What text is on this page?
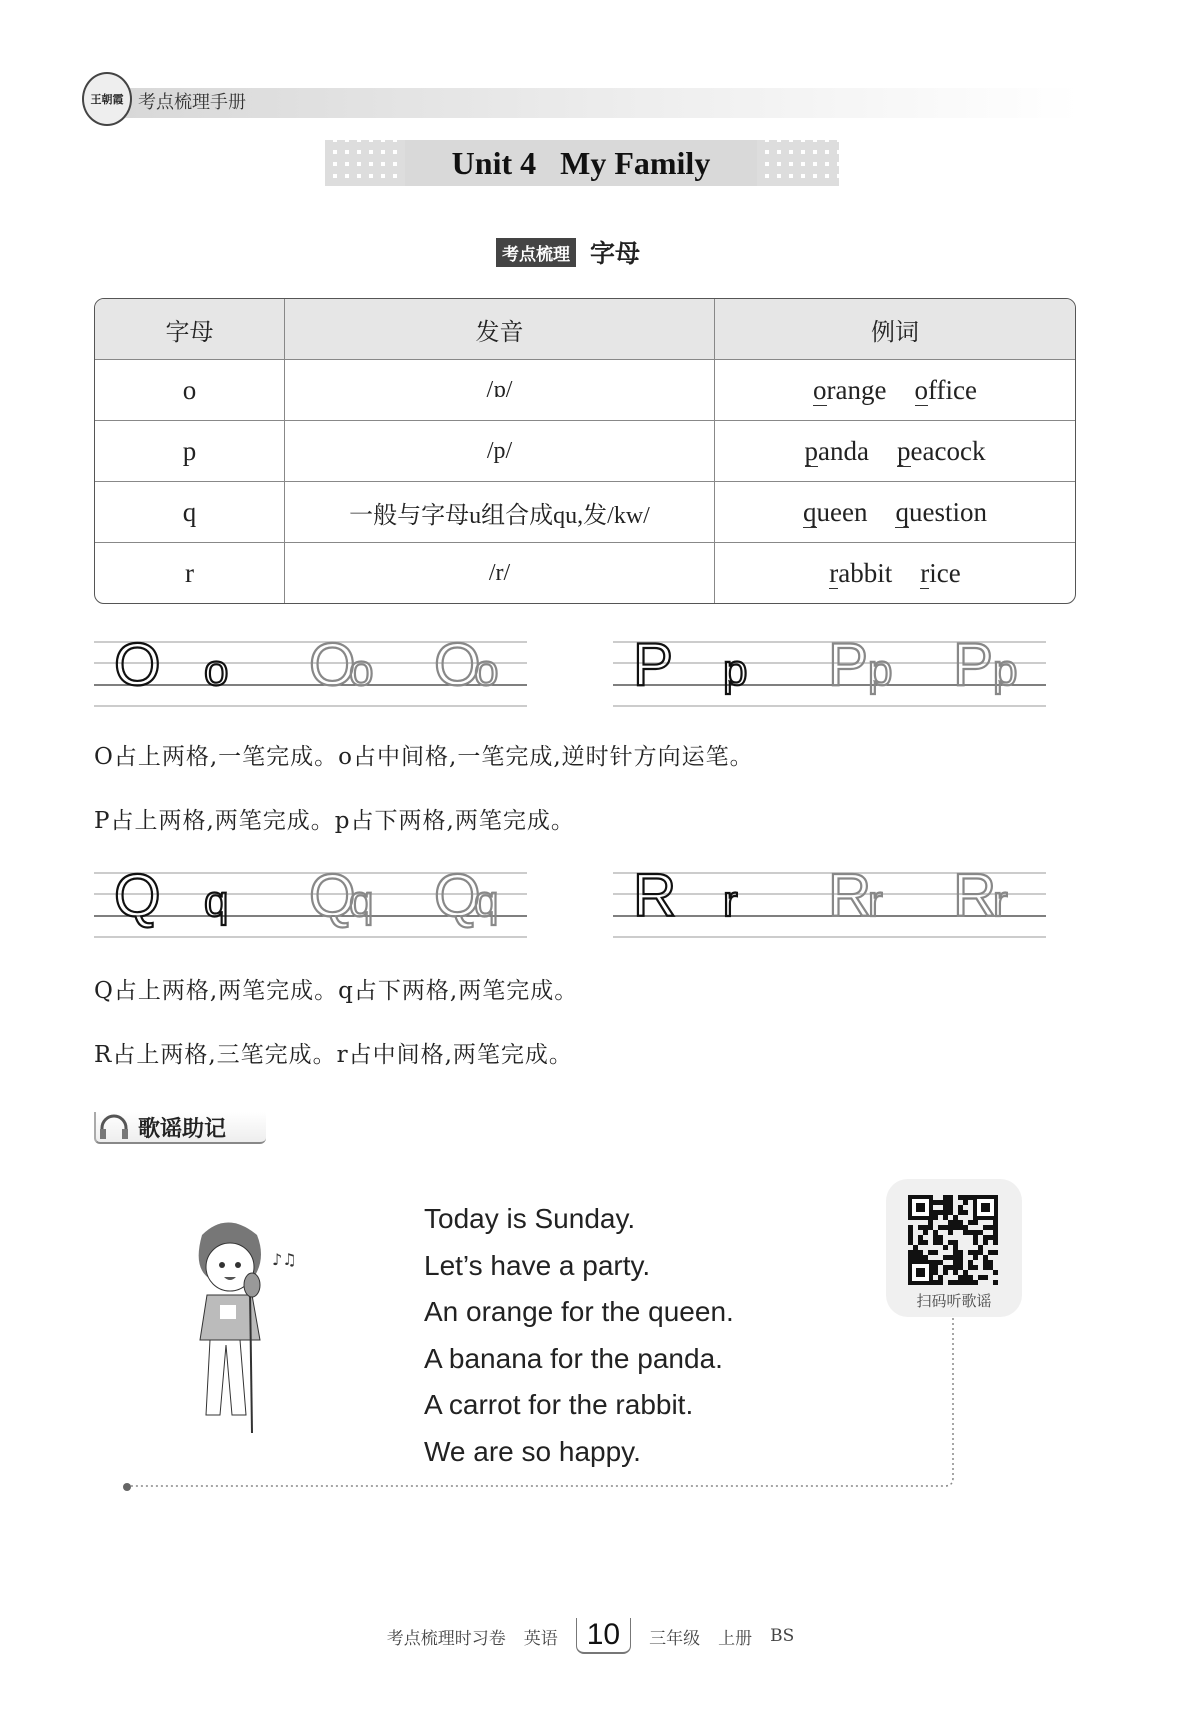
王朝霞 考点梳理手册
Unit 4   My Family
考点梳理 字母
字母	发音	例词
o	/ɒ/	orange office
p	/p/	panda peacock
q	一般与字母u组合成qu,发/kw/	queen question
r	/r/	rabbit rice
O o O
o O
o P p P p P p
Q q Q
q Q
q R r R
r R
r
O占上两格,一笔完成。o占中间格,一笔完成,逆时针方向运笔。
P占上两格,两笔完成。p占下两格,两笔完成。
Q占上两格,两笔完成。q占下两格,两笔完成。
R占上两格,三笔完成。r占中间格,两笔完成。
歌谣助记
♪♫
Today is Sunday.
Let’s have a party.
An orange for the queen.
A banana for the panda.
A carrot for the rabbit.
We are so happy.
扫码听歌谣
考点梳理时习卷 英语 10	三年级 上册 BS
